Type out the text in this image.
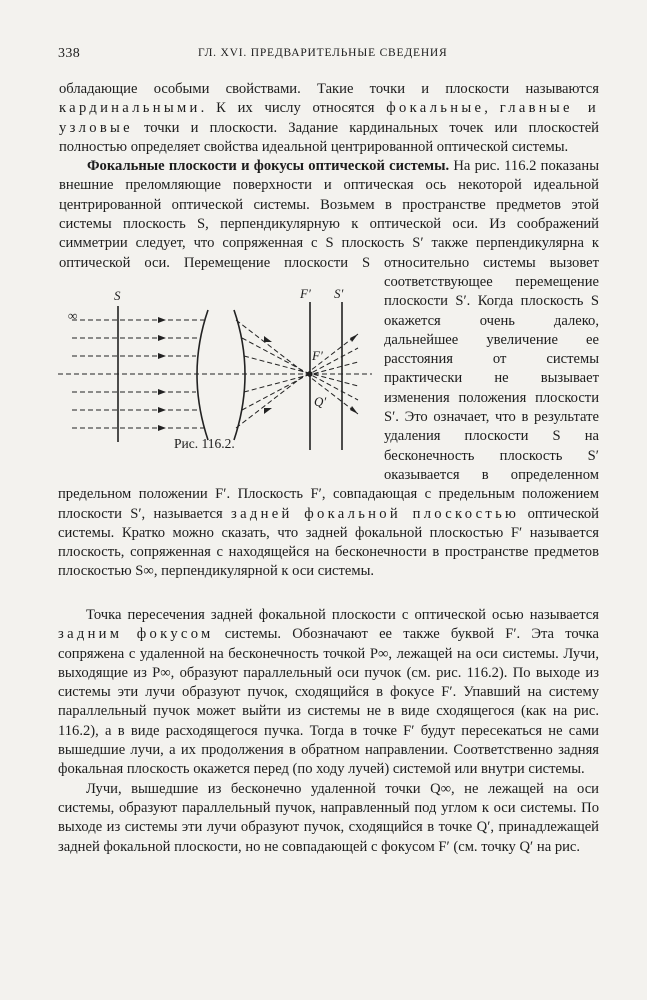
338	ГЛ. XVI. ПРЕДВАРИТЕЛЬНЫЕ СВЕДЕНИЯ

обладающие особыми свойствами. Такие точки и плоскости называются кардинальными. К их числу относятся фокальные, главные и узловые точки и плоскости. Задание кардинальных точек или плоскостей полностью определяет свойства идеальной центрированной оптической системы.

Фокальные плоскости и фокусы оптической системы. На рис. 116.2 показаны внешние преломляющие поверхности и оптическая ось некоторой идеальной центрированной оптической системы. Возьмем в пространстве предметов этой системы плоскость S, перпендикулярную к оптической оси. Из соображений симметрии следует, что сопряженная с S плоскость S′ также перпендикулярна к оптической оси. Перемещение плоскости S относительно системы вызовет соответствующее перемещение плоскости S′. Когда плоскость S окажется очень далеко, дальнейшее увеличение ее расстояния от системы практически не вызывает изменения положения плоскости S′. Это означает, что в результате удаления плоскости S на бесконечность плоскость S′ оказывается в определенном предельном положении F′. Плоскость F′, совпадающая с предельным положением плоскости S′, называется задней фокальной плоскостью оптической системы. Кратко можно сказать, что задней фокальной плоскостью F′ называется плоскость, сопряженная с находящейся на бесконечности в пространстве предметов плоскостью S∞, перпендикулярной к оси системы.

∞
S	F′ S′
F′
Q′
Рис. 116.2.

Точка пересечения задней фокальной плоскости с оптической осью называется задним фокусом системы. Обозначают ее также буквой F′. Эта точка сопряжена с удаленной на бесконечность точкой P∞, лежащей на оси системы. Лучи, выходящие из P∞, образуют параллельный оси пучок (см. рис. 116.2). По выходе из системы эти лучи образуют пучок, сходящийся в фокусе F′. Упавший на систему параллельный пучок может выйти из системы не в виде сходящегося (как на рис. 116.2), а в виде расходящегося пучка. Тогда в точке F′ будут пересекаться не сами вышедшие лучи, а их продолжения в обратном направлении. Соответственно задняя фокальная плоскость окажется перед (по ходу лучей) системой или внутри системы.

Лучи, вышедшие из бесконечно удаленной точки Q∞, не лежащей на оси системы, образуют параллельный пучок, направленный под углом к оси системы. По выходе из системы эти лучи образуют пучок, сходящийся в точке Q′, принадлежащей задней фокальной плоскости, но не совпадающей с фокусом F′ (см. точку Q′ на рис.
